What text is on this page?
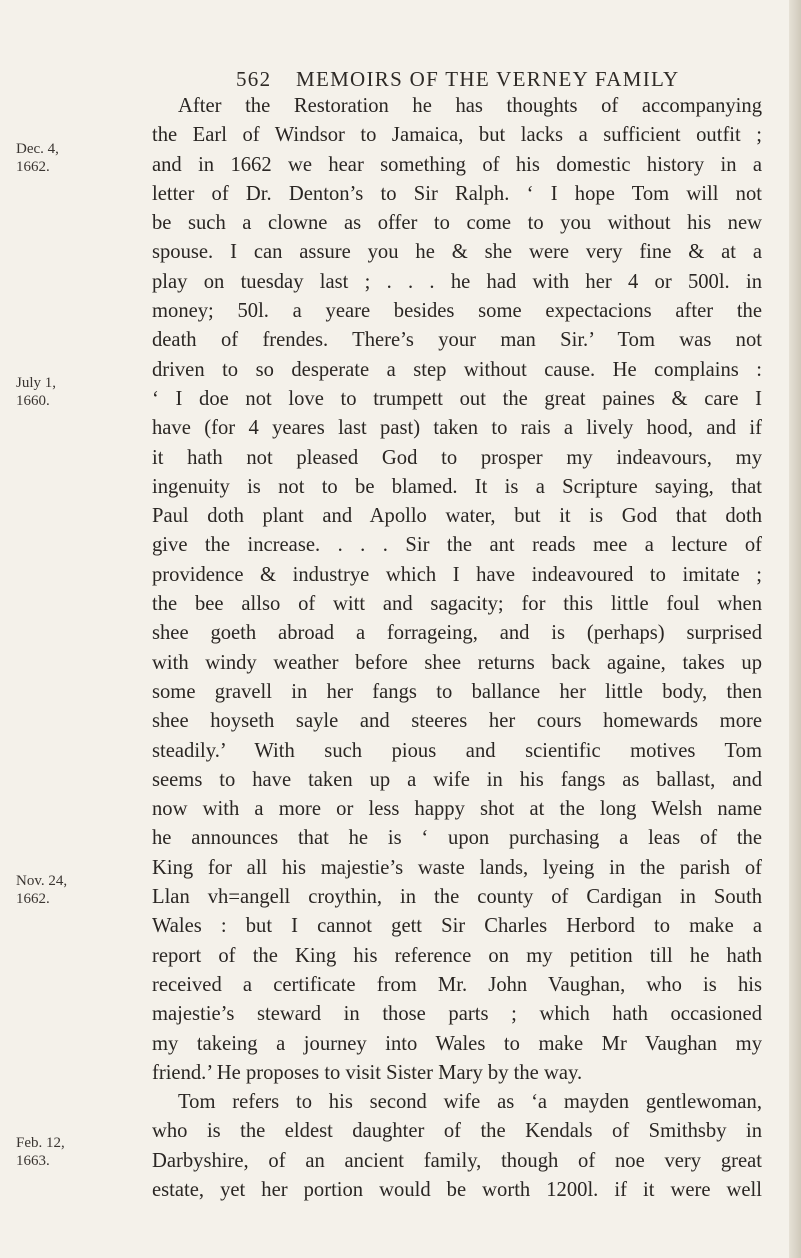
562 MEMOIRS OF THE VERNEY FAMILY
Dec. 4,
1662.
July 1,
1660.
Nov. 24,
1662.
Feb. 12,
1663.
After the Restoration he has thoughts of accompanying
the Earl of Windsor to Jamaica, but lacks a sufficient outfit ;
and in 1662 we hear something of his domestic history in a
letter of Dr. Denton’s to Sir Ralph. ‘ I hope Tom will not
be such a clowne as offer to come to you without his new
spouse. I can assure you he & she were very fine & at a
play on tuesday last ; . . . he had with her 4 or 500l. in
money; 50l. a yeare besides some expectacions after the
death of frendes. There’s your man Sir.’ Tom was not
driven to so desperate a step without cause. He complains :
‘ I doe not love to trumpett out the great paines & care I
have (for 4 yeares last past) taken to rais a lively hood, and if
it hath not pleased God to prosper my indeavours, my
ingenuity is not to be blamed. It is a Scripture saying, that
Paul doth plant and Apollo water, but it is God that doth
give the increase. . . . Sir the ant reads mee a lecture of
providence & industrye which I have indeavoured to imitate ;
the bee allso of witt and sagacity; for this little foul when
shee goeth abroad a forrageing, and is (perhaps) surprised
with windy weather before shee returns back againe, takes up
some gravell in her fangs to ballance her little body, then
shee hoyseth sayle and steeres her cours homewards more
steadily.’ With such pious and scientific motives Tom
seems to have taken up a wife in his fangs as ballast, and
now with a more or less happy shot at the long Welsh name
he announces that he is ‘ upon purchasing a leas of the
King for all his majestie’s waste lands, lyeing in the parish of
Llan vh=angell croythin, in the county of Cardigan in South
Wales : but I cannot gett Sir Charles Herbord to make a
report of the King his reference on my petition till he hath
received a certificate from Mr. John Vaughan, who is his
majestie’s steward in those parts ; which hath occasioned
my takeing a journey into Wales to make Mr Vaughan my
friend.’ He proposes to visit Sister Mary by the way.
Tom refers to his second wife as ‘a mayden gentlewoman,
who is the eldest daughter of the Kendals of Smithsby in
Darbyshire, of an ancient family, though of noe very great
estate, yet her portion would be worth 1200l. if it were well
